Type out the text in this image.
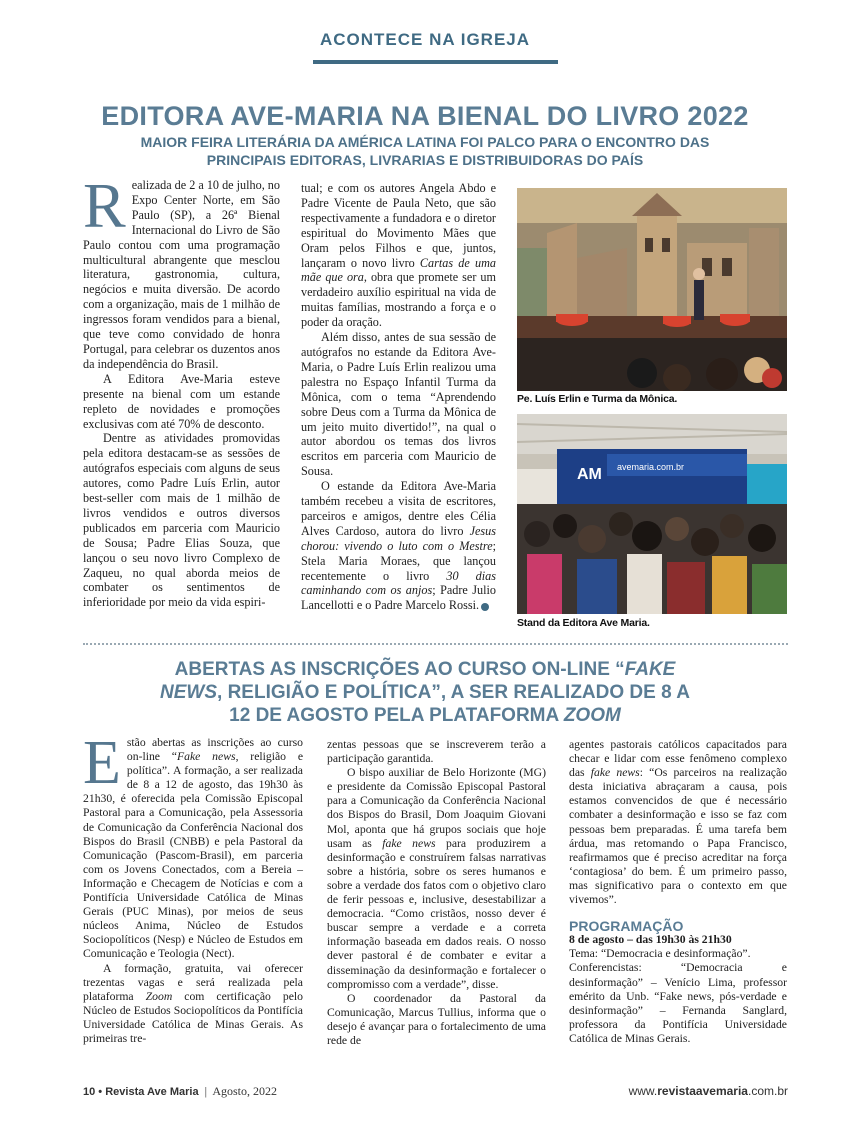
ACONTECE NA IGREJA
EDITORA AVE-MARIA NA BIENAL DO LIVRO 2022
MAIOR FEIRA LITERÁRIA DA AMÉRICA LATINA FOI PALCO PARA O ENCONTRO DAS PRINCIPAIS EDITORAS, LIVRARIAS E DISTRIBUIDORAS DO PAÍS

Realizada de 2 a 10 de julho, no Expo Center Norte, em São Paulo (SP), a 26ª Bienal Internacional do Livro de São Paulo contou com uma programação multicultural abrangente que mesclou literatura, gastronomia, cultura, negócios e muita diversão. De acordo com a organização, mais de 1 milhão de ingressos foram vendidos para a bienal, que teve como convidado de honra Portugal, para celebrar os duzentos anos da independência do Brasil.

A Editora Ave-Maria esteve presente na bienal com um estande repleto de novidades e promoções exclusivas com até 70% de desconto.

Dentre as atividades promovidas pela editora destacam-se as sessões de autógrafos especiais com alguns de seus autores, como Padre Luís Erlin, autor best-seller com mais de 1 milhão de livros vendidos e outros diversos publicados em parceria com Mauricio de Sousa; Padre Elias Souza, que lançou o seu novo livro Complexo de Zaqueu, no qual aborda meios de combater os sentimentos de inferioridade por meio da vida espiri-

tual; e com os autores Angela Abdo e Padre Vicente de Paula Neto, que são respectivamente a fundadora e o diretor espiritual do Movimento Mães que Oram pelos Filhos e que, juntos, lançaram o novo livro Cartas de uma mãe que ora, obra que promete ser um verdadeiro auxílio espiritual na vida de muitas famílias, mostrando a força e o poder da oração.

Além disso, antes de sua sessão de autógrafos no estande da Editora Ave-Maria, o Padre Luís Erlin realizou uma palestra no Espaço Infantil Turma da Mônica, com o tema “Aprendendo sobre Deus com a Turma da Mônica de um jeito muito divertido!”, na qual o autor abordou os temas dos livros escritos em parceria com Mauricio de Sousa.

O estande da Editora Ave-Maria também recebeu a visita de escritores, parceiros e amigos, dentre eles Célia Alves Cardoso, autora do livro Jesus chorou: vivendo o luto com o Mestre; Stela Maria Moraes, que lançou recentemente o livro 30 dias caminhando com os anjos; Padre Julio Lancellotti e o Padre Marcelo Rossi.

Pe. Luís Erlin e Turma da Mônica.
avemaria.com.br
AM
Stand da Editora Ave Maria.
ABERTAS AS INSCRIÇÕES AO CURSO ON-LINE “FAKE NEWS, RELIGIÃO E POLÍTICA”, A SER REALIZADO DE 8 A 12 DE AGOSTO PELA PLATAFORMA ZOOM

Estão abertas as inscrições ao curso on-line “Fake news, religião e política”. A formação, a ser realizada de 8 a 12 de agosto, das 19h30 às 21h30, é oferecida pela Comissão Episcopal Pastoral para a Comunicação, pela Assessoria de Comunicação da Conferência Nacional dos Bispos do Brasil (CNBB) e pela Pastoral da Comunicação (Pascom-Brasil), em parceria com os Jovens Conectados, com a Bereia – Informação e Checagem de Notícias e com a Pontifícia Universidade Católica de Minas Gerais (PUC Minas), por meios de seus núcleos Anima, Núcleo de Estudos Sociopolíticos (Nesp) e Núcleo de Estudos em Comunicação e Teologia (Nect).

A formação, gratuita, vai oferecer trezentas vagas e será realizada pela plataforma Zoom com certificação pelo Núcleo de Estudos Sociopolíticos da Pontifícia Universidade Católica de Minas Gerais. As primeiras tre-

zentas pessoas que se inscreverem terão a participação garantida.

O bispo auxiliar de Belo Horizonte (MG) e presidente da Comissão Episcopal Pastoral para a Comunicação da Conferência Nacional dos Bispos do Brasil, Dom Joaquim Giovani Mol, aponta que há grupos sociais que hoje usam as fake news para produzirem a desinformação e construírem falsas narrativas sobre a história, sobre os seres humanos e sobre a verdade dos fatos com o objetivo claro de ferir pessoas e, inclusive, desestabilizar a democracia. “Como cristãos, nosso dever é buscar sempre a verdade e a correta informação baseada em dados reais. O nosso dever pastoral é de combater e evitar a disseminação da desinformação e fortalecer o compromisso com a verdade”, disse.

O coordenador da Pastoral da Comunicação, Marcus Tullius, informa que o desejo é avançar para o fortalecimento de uma rede de

agentes pastorais católicos capacitados para checar e lidar com esse fenômeno complexo das fake news: “Os parceiros na realização desta iniciativa abraçaram a causa, pois estamos convencidos de que é necessário combater a desinformação e isso se faz com pessoas bem preparadas. É uma tarefa bem árdua, mas retomando o Papa Francisco, reafirmamos que é preciso acreditar na força ‘contagiosa’ do bem. É um primeiro passo, mas significativo para o contexto em que vivemos”.

PROGRAMAÇÃO

8 de agosto – das 19h30 às 21h30

Tema: “Democracia e desinformação”.

Conferencistas: “Democracia e desinformação” – Venício Lima, professor emérito da Unb. “Fake news, pós-verdade e desinformação” – Fernanda Sanglard, professora da Pontifícia Universidade Católica de Minas Gerais.

10 • Revista Ave Maria  |  Agosto, 2022	www.revistaavemaria.com.br
